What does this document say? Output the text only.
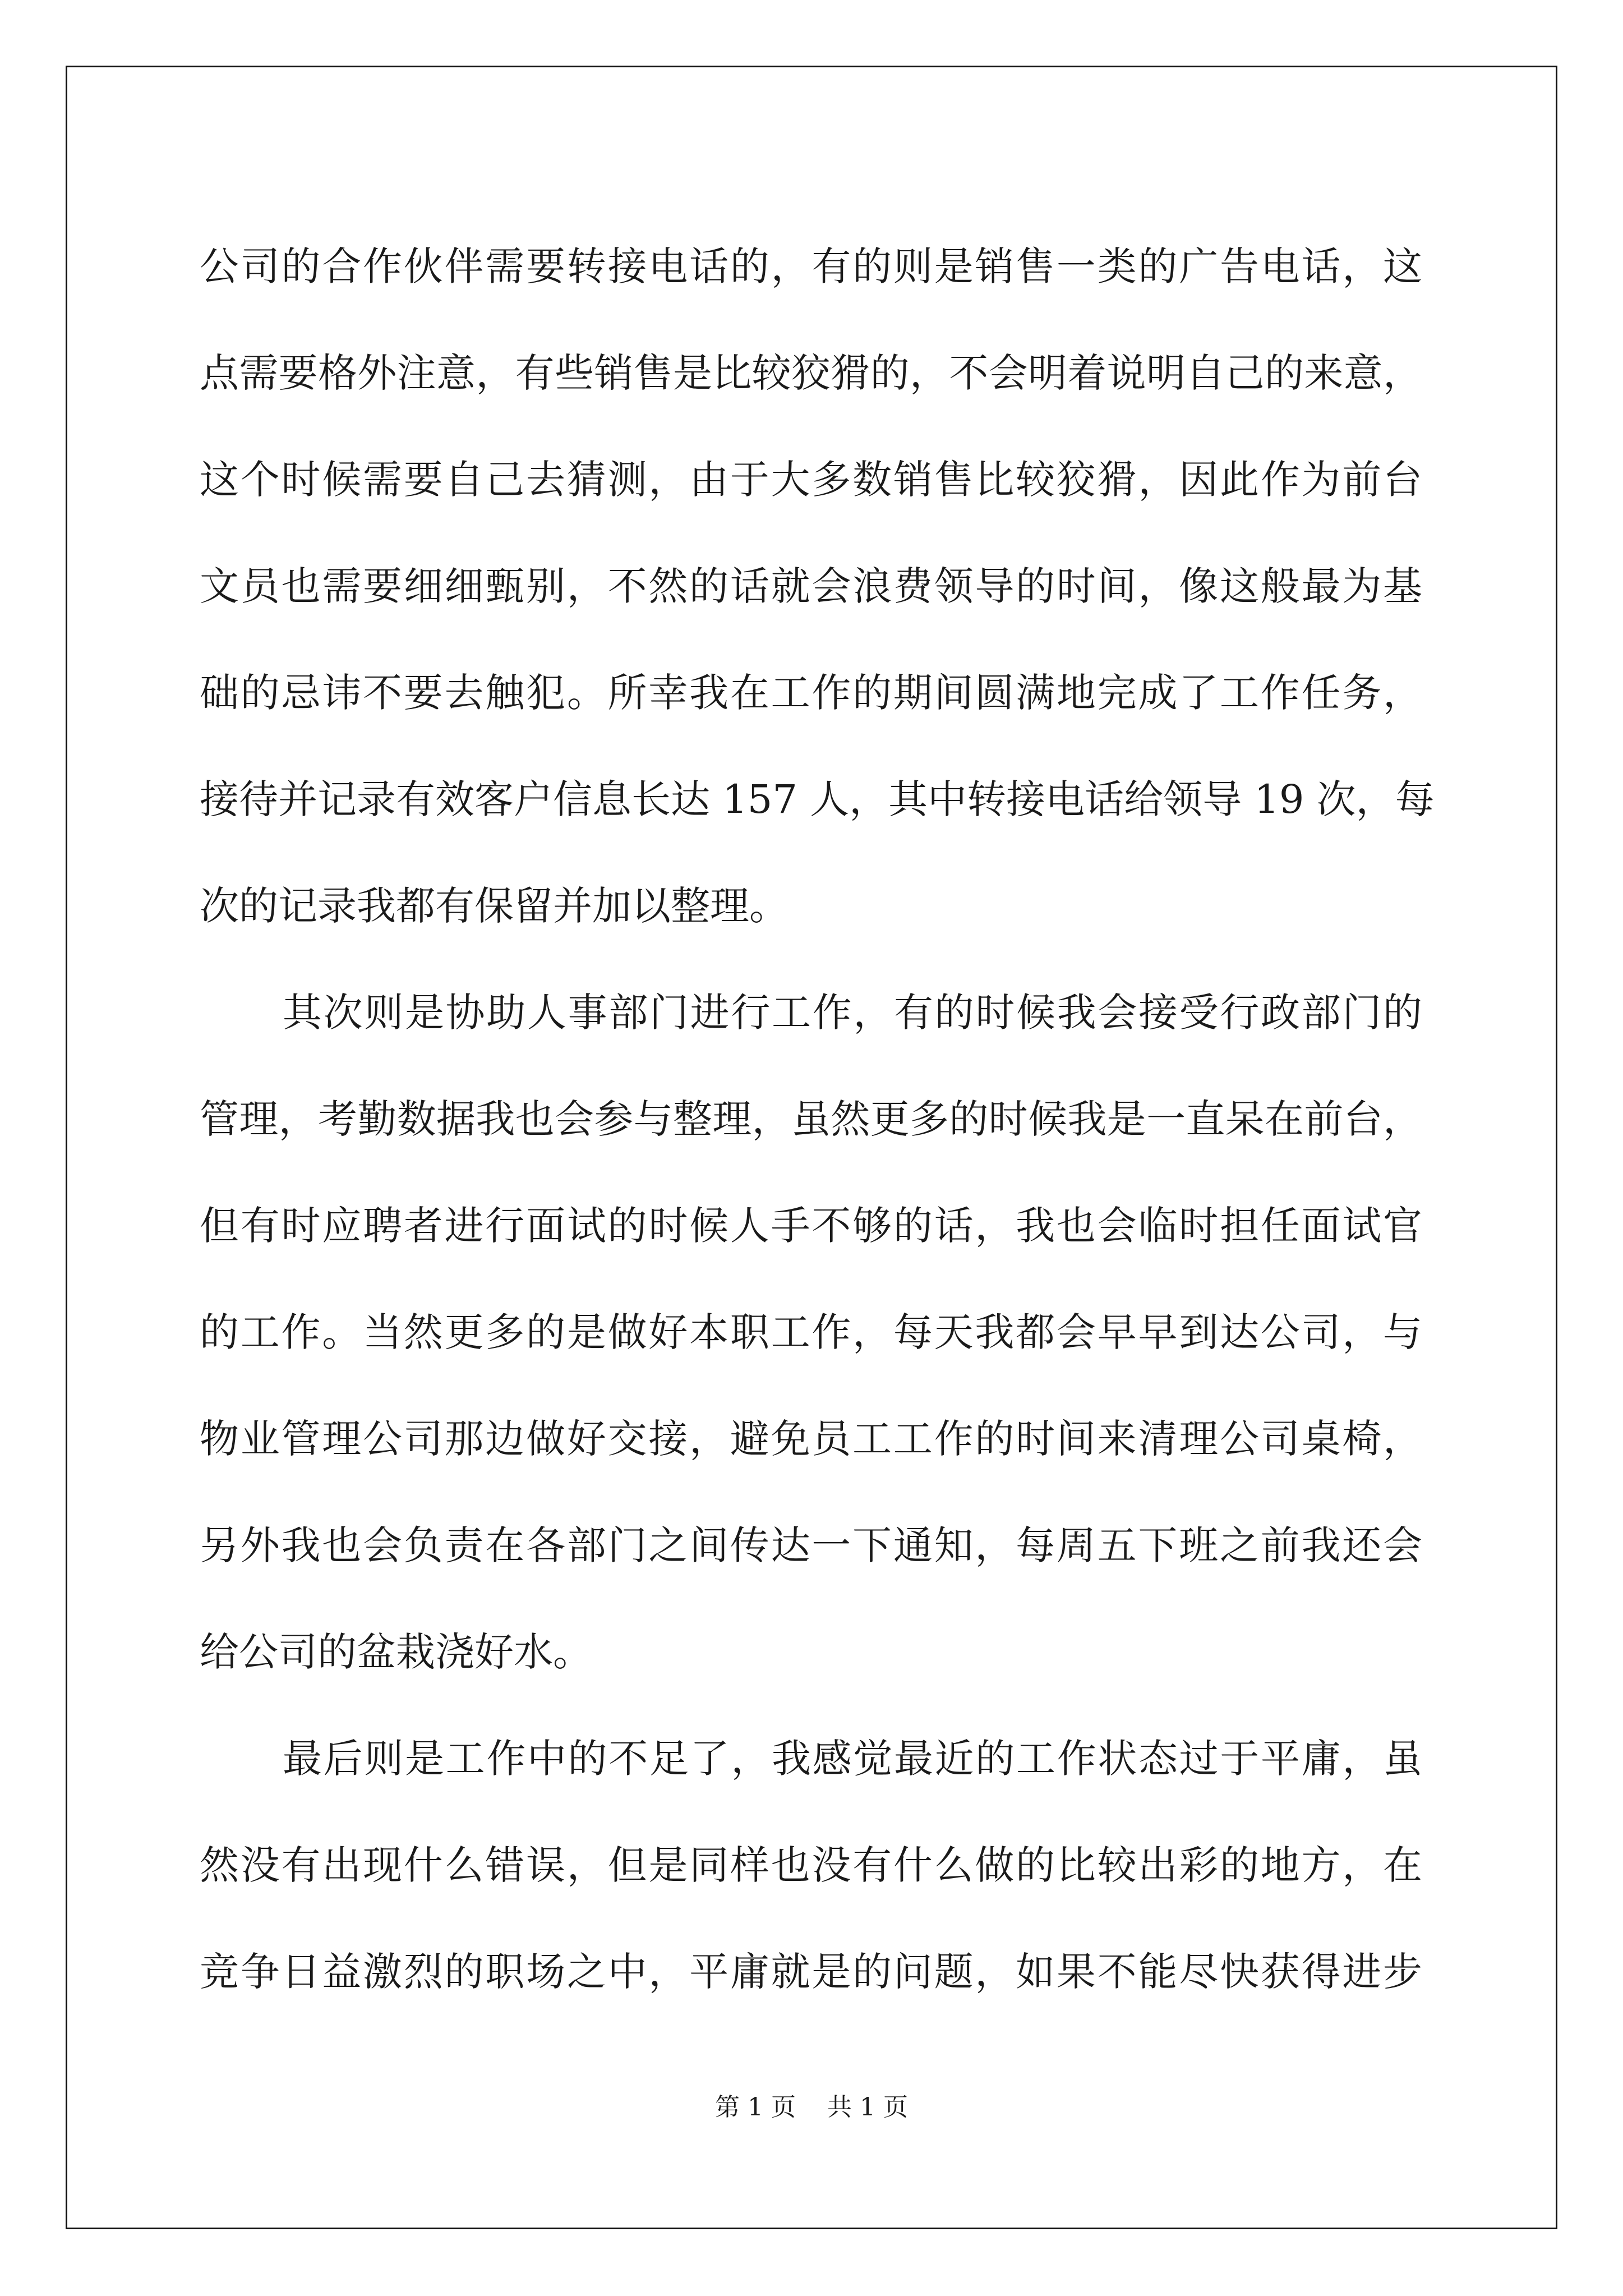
公司的合作伙伴需要转接电话的，有的则是销售一类的广告电话，这
点需要格外注意，有些销售是比较狡猾的，不会明着说明自己的来意，
这个时候需要自己去猜测，由于大多数销售比较狡猾，因此作为前台
文员也需要细细甄别，不然的话就会浪费领导的时间，像这般最为基
础的忌讳不要去触犯。所幸我在工作的期间圆满地完成了工作任务，
接待并记录有效客户信息长达 157 人，其中转接电话给领导 19 次，每
次的记录我都有保留并加以整理。
其次则是协助人事部门进行工作，有的时候我会接受行政部门的
管理，考勤数据我也会参与整理，虽然更多的时候我是一直呆在前台，
但有时应聘者进行面试的时候人手不够的话，我也会临时担任面试官
的工作。当然更多的是做好本职工作，每天我都会早早到达公司，与
物业管理公司那边做好交接，避免员工工作的时间来清理公司桌椅，
另外我也会负责在各部门之间传达一下通知，每周五下班之前我还会
给公司的盆栽浇好水。
最后则是工作中的不足了，我感觉最近的工作状态过于平庸，虽
然没有出现什么错误，但是同样也没有什么做的比较出彩的地方，在
竞争日益激烈的职场之中，平庸就是的问题，如果不能尽快获得进步
第 1 页 共 1 页
